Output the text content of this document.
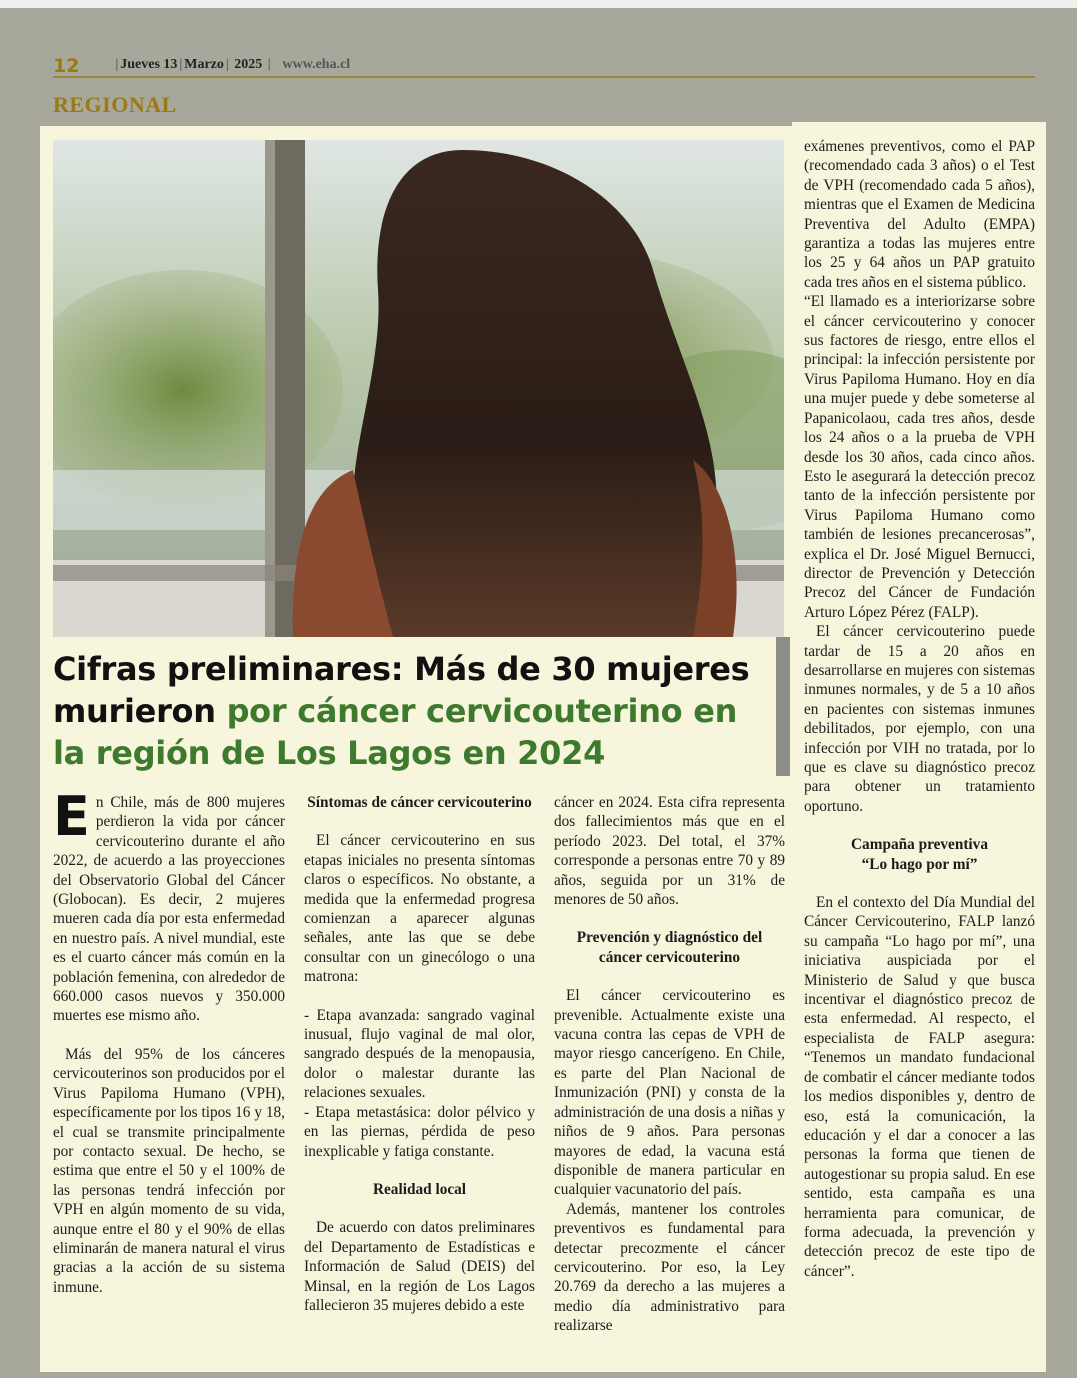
12	| Jueves 13 | Marzo | 2025 | www.eha.cl
REGIONAL
Cifras preliminares: Más de 30 mujeres murieron por cáncer cervicouterino en la región de Los Lagos en 2024

En Chile, más de 800 mujeres perdieron la vida por cáncer cervicouterino durante el año 2022, de acuerdo a las proyecciones del Observatorio Global del Cáncer (Globocan). Es decir, 2 mujeres mueren cada día por esta enfermedad en nuestro país. A nivel mundial, este es el cuarto cáncer más común en la población femenina, con alrededor de 660.000 casos nuevos y 350.000 muertes ese mismo año.

Más del 95% de los cánceres cervicouterinos son producidos por el Virus Papiloma Humano (VPH), específicamente por los tipos 16 y 18, el cual se transmite principalmente por contacto sexual. De hecho, se estima que entre el 50 y el 100% de las personas tendrá infección por VPH en algún momento de su vida, aunque entre el 80 y el 90% de ellas eliminarán de manera natural el virus gracias a la acción de su sistema inmune.

Síntomas de cáncer cervicouterino

El cáncer cervicouterino en sus etapas iniciales no presenta síntomas claros o específicos. No obstante, a medida que la enfermedad progresa comienzan a aparecer algunas señales, ante las que se debe consultar con un ginecólogo o una matrona:

- Etapa avanzada: sangrado vaginal inusual, flujo vaginal de mal olor, sangrado después de la menopausia, dolor o malestar durante las relaciones sexuales.

- Etapa metastásica: dolor pélvico y en las piernas, pérdida de peso inexplicable y fatiga constante.

Realidad local

De acuerdo con datos preliminares del Departamento de Estadísticas e Información de Salud (DEIS) del Minsal, en la región de Los Lagos fallecieron 35 mujeres debido a este

cáncer en 2024. Esta cifra representa dos fallecimientos más que en el período 2023. Del total, el 37% corresponde a personas entre 70 y 89 años, seguida por un 31% de menores de 50 años.

Prevención y diagnóstico del cáncer cervicouterino

El cáncer cervicouterino es prevenible. Actualmente existe una vacuna contra las cepas de VPH de mayor riesgo cancerígeno. En Chile, es parte del Plan Nacional de Inmunización (PNI) y consta de la administración de una dosis a niñas y niños de 9 años. Para personas mayores de edad, la vacuna está disponible de manera particular en cualquier vacunatorio del país.

Además, mantener los controles preventivos es fundamental para detectar precozmente el cáncer cervicouterino. Por eso, la Ley 20.769 da derecho a las mujeres a medio día administrativo para realizarse

exámenes preventivos, como el PAP (recomendado cada 3 años) o el Test de VPH (recomendado cada 5 años), mientras que el Examen de Medicina Preventiva del Adulto (EMPA) garantiza a todas las mujeres entre los 25 y 64 años un PAP gratuito cada tres años en el sistema público.

“El llamado es a interiorizarse sobre el cáncer cervicouterino y conocer sus factores de riesgo, entre ellos el principal: la infección persistente por Virus Papiloma Humano. Hoy en día una mujer puede y debe someterse al Papanicolaou, cada tres años, desde los 24 años o a la prueba de VPH desde los 30 años, cada cinco años. Esto le asegurará la detección precoz tanto de la infección persistente por Virus Papiloma Humano como también de lesiones precancerosas”, explica el Dr. José Miguel Bernucci, director de Prevención y Detección Precoz del Cáncer de Fundación Arturo López Pérez (FALP).

El cáncer cervicouterino puede tardar de 15 a 20 años en desarrollarse en mujeres con sistemas inmunes normales, y de 5 a 10 años en pacientes con sistemas inmunes debilitados, por ejemplo, con una infección por VIH no tratada, por lo que es clave su diagnóstico precoz para obtener un tratamiento oportuno.

Campaña preventiva
“Lo hago por mí”

En el contexto del Día Mundial del Cáncer Cervicouterino, FALP lanzó su campaña “Lo hago por mí”, una iniciativa auspiciada por el Ministerio de Salud y que busca incentivar el diagnóstico precoz de esta enfermedad. Al respecto, el especialista de FALP asegura: “Tenemos un mandato fundacional de combatir el cáncer mediante todos los medios disponibles y, dentro de eso, está la comunicación, la educación y el dar a conocer a las personas la forma que tienen de autogestionar su propia salud. En ese sentido, esta campaña es una herramienta para comunicar, de forma adecuada, la prevención y detección precoz de este tipo de cáncer”.
